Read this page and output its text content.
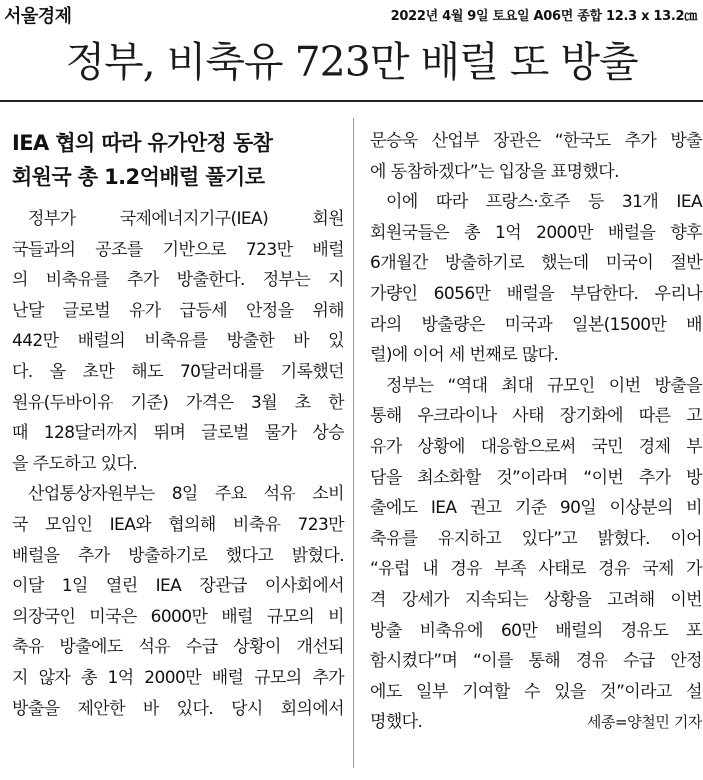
서울경제	2022년 4월 9일 토요일 A06면 종합 12.3 x 13.2㎝
정부, 비축유 723만 배럴 또 방출
IEA 협의 따라 유가안정 동참
회원국 총 1.2억배럴 풀기로
정부가 국제에너지기구(IEA) 회원
국들과의 공조를 기반으로 723만 배럴
의 비축유를 추가 방출한다. 정부는 지
난달 글로벌 유가 급등세 안정을 위해
442만 배럴의 비축유를 방출한 바 있
다. 올 초만 해도 70달러대를 기록했던
원유(두바이유 기준) 가격은 3월 초 한
때 128달러까지 뛰며 글로벌 물가 상승
을 주도하고 있다.
산업통상자원부는 8일 주요 석유 소비
국 모임인 IEA와 협의해 비축유 723만
배럴을 추가 방출하기로 했다고 밝혔다.
이달 1일 열린 IEA 장관급 이사회에서
의장국인 미국은 6000만 배럴 규모의 비
축유 방출에도 석유 수급 상황이 개선되
지 않자 총 1억 2000만 배럴 규모의 추가
방출을 제안한 바 있다. 당시 회의에서
문승욱 산업부 장관은 “한국도 추가 방출
에 동참하겠다”는 입장을 표명했다.
이에 따라 프랑스·호주 등 31개 IEA
회원국들은 총 1억 2000만 배럴을 향후
6개월간 방출하기로 했는데 미국이 절반
가량인 6056만 배럴을 부담한다. 우리나
라의 방출량은 미국과 일본(1500만 배
럴)에 이어 세 번째로 많다.
정부는 “역대 최대 규모인 이번 방출을
통해 우크라이나 사태 장기화에 따른 고
유가 상황에 대응함으로써 국민 경제 부
담을 최소화할 것”이라며 “이번 추가 방
출에도 IEA 권고 기준 90일 이상분의 비
축유를 유지하고 있다”고 밝혔다. 이어
“유럽 내 경유 부족 사태로 경유 국제 가
격 강세가 지속되는 상황을 고려해 이번
방출 비축유에 60만 배럴의 경유도 포
함시켰다”며 “이를 통해 경유 수급 안정
에도 일부 기여할 수 있을 것”이라고 설
명했다.	세종=양철민 기자
